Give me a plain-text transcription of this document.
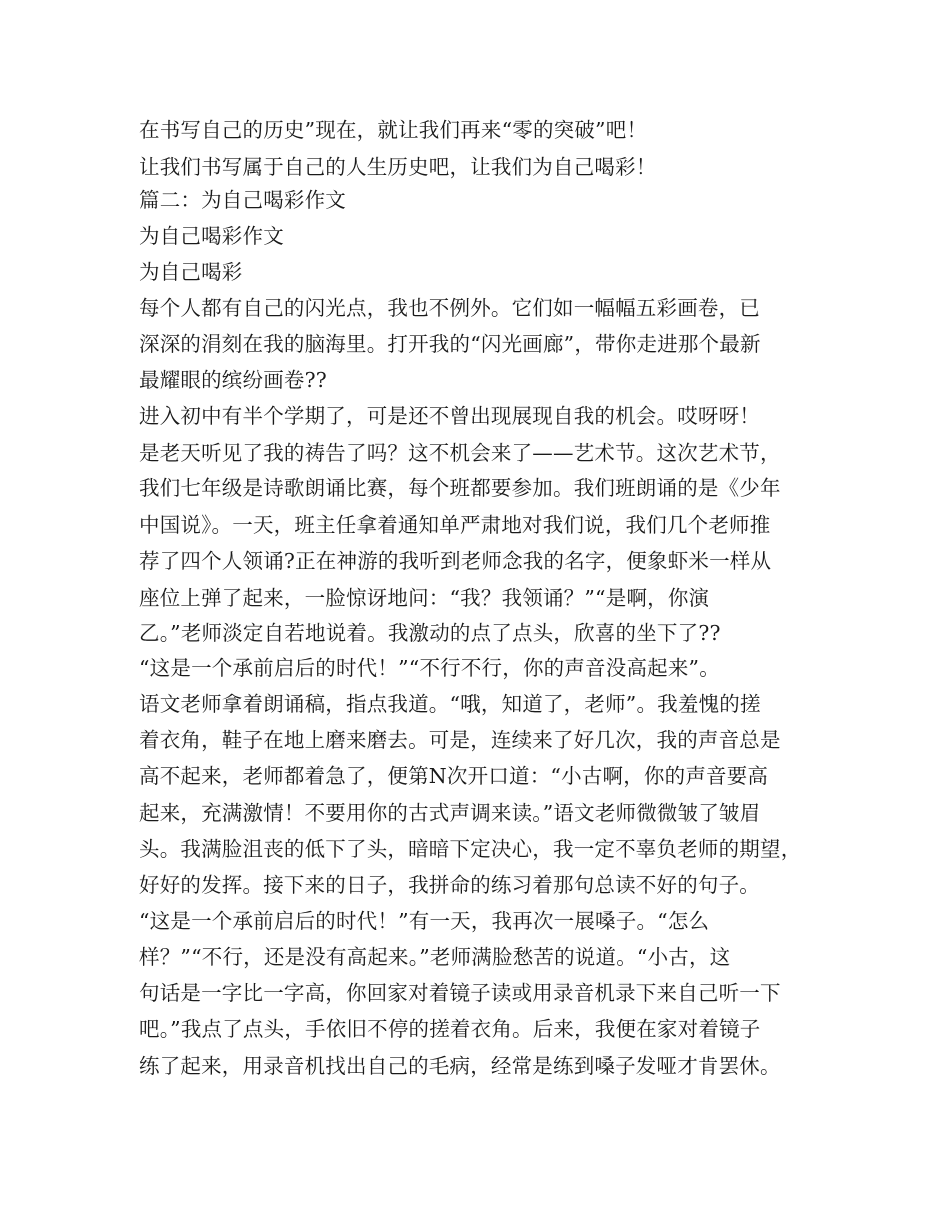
在书写自己的历史”现在，就让我们再来“零的突破”吧！
让我们书写属于自己的人生历史吧，让我们为自己喝彩！
篇二：为自己喝彩作文
为自己喝彩作文
为自己喝彩
每个人都有自己的闪光点，我也不例外。它们如一幅幅五彩画卷，已
深深的涓刻在我的脑海里。打开我的“闪光画廊”，带你走进那个最新
最耀眼的缤纷画卷??
进入初中有半个学期了，可是还不曾出现展现自我的机会。哎呀呀！
是老天听见了我的祷告了吗？这不机会来了——艺术节。这次艺术节，
我们七年级是诗歌朗诵比赛，每个班都要参加。我们班朗诵的是《少年
中国说》。一天，班主任拿着通知单严肃地对我们说，我们几个老师推
荐了四个人领诵?正在神游的我听到老师念我的名字，便象虾米一样从
座位上弹了起来，一脸惊讶地问：“我？我领诵？”“是啊，你演
乙。”老师淡定自若地说着。我激动的点了点头，欣喜的坐下了??
“这是一个承前启后的时代！”“不行不行，你的声音没高起来”。
语文老师拿着朗诵稿，指点我道。“哦，知道了，老师”。我羞愧的搓
着衣角，鞋子在地上磨来磨去。可是，连续来了好几次，我的声音总是
高不起来，老师都着急了，便第N次开口道：“小古啊，你的声音要高
起来，充满激情！不要用你的古式声调来读。”语文老师微微皱了皱眉
头。我满脸沮丧的低下了头，暗暗下定决心，我一定不辜负老师的期望，
好好的发挥。接下来的日子，我拼命的练习着那句总读不好的句子。
“这是一个承前启后的时代！”有一天，我再次一展嗓子。“怎么
样？”“不行，还是没有高起来。”老师满脸愁苦的说道。“小古，这
句话是一字比一字高，你回家对着镜子读或用录音机录下来自己听一下
吧。”我点了点头，手依旧不停的搓着衣角。后来，我便在家对着镜子
练了起来，用录音机找出自己的毛病，经常是练到嗓子发哑才肯罢休。
